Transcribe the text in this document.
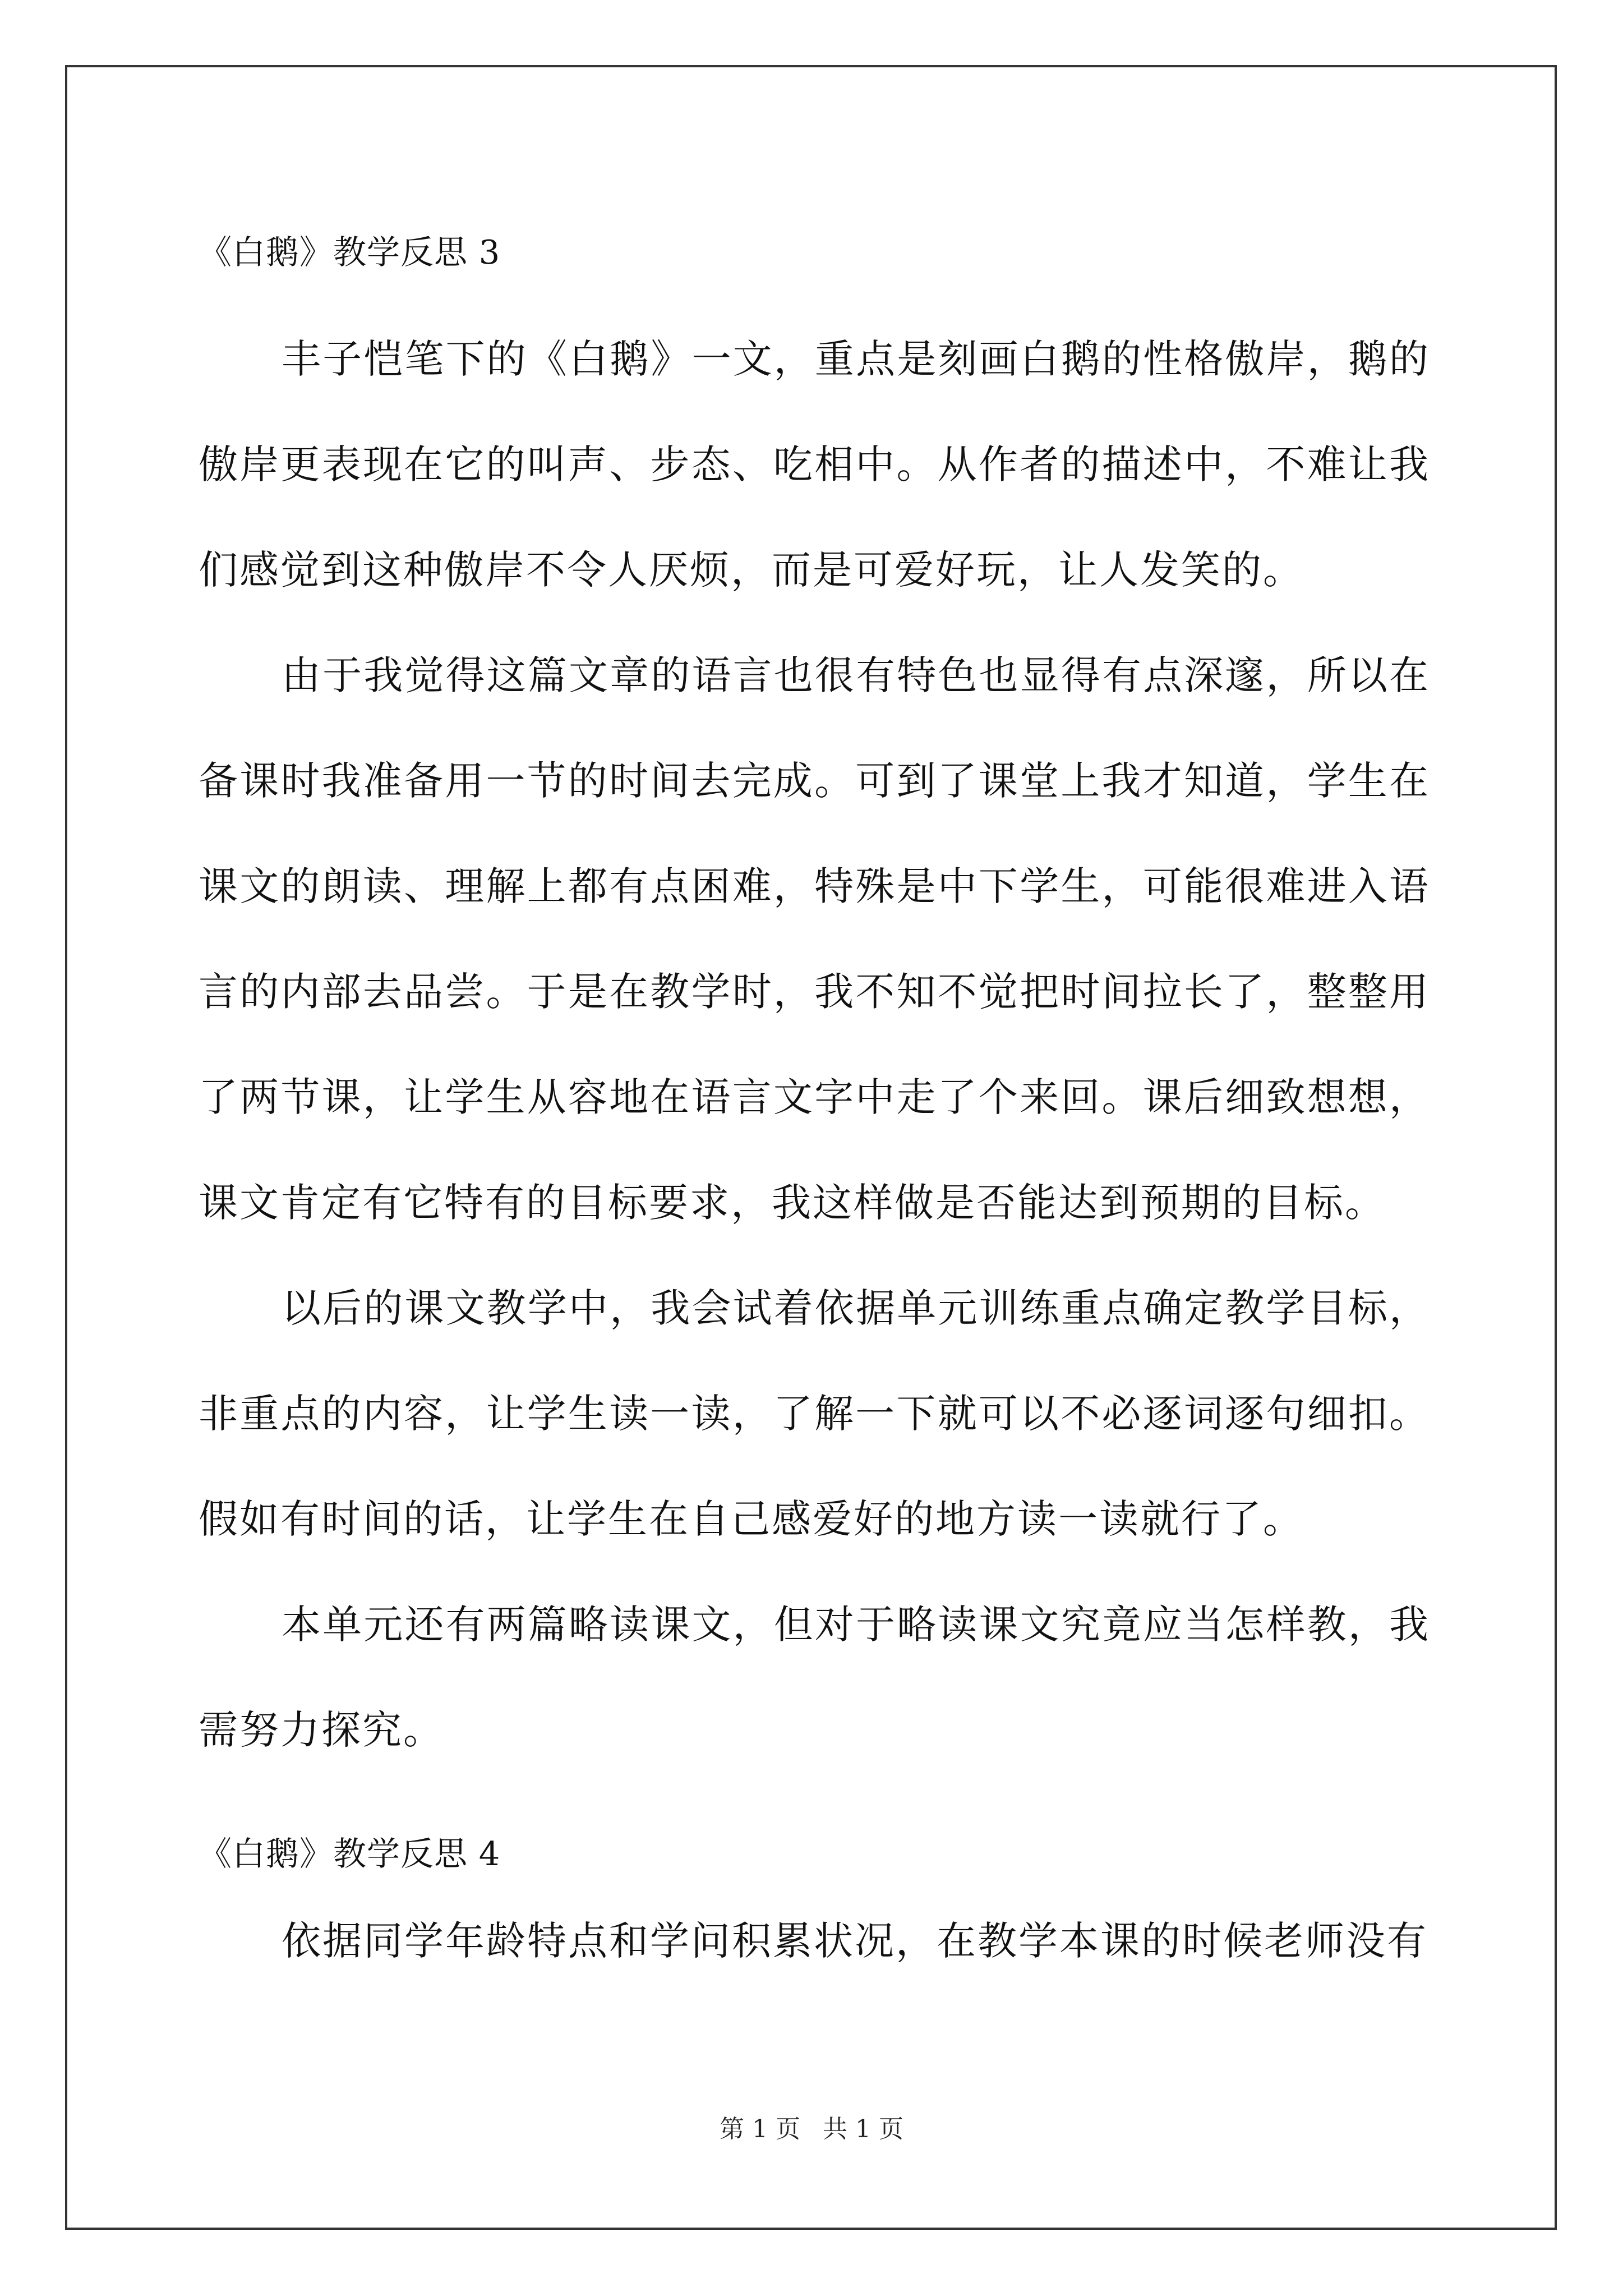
《白鹅》教学反思 3
丰子恺笔下的《白鹅》一文，重点是刻画白鹅的性格傲岸，鹅的傲岸更表现在它的叫声、步态、吃相中。从作者的描述中，不难让我们感觉到这种傲岸不令人厌烦，而是可爱好玩，让人发笑的。
由于我觉得这篇文章的语言也很有特色也显得有点深邃，所以在备课时我准备用一节的时间去完成。可到了课堂上我才知道，学生在课文的朗读、理解上都有点困难，特殊是中下学生，可能很难进入语言的内部去品尝。于是在教学时，我不知不觉把时间拉长了，整整用了两节课，让学生从容地在语言文字中走了个来回。课后细致想想，课文肯定有它特有的目标要求，我这样做是否能达到预期的目标。
以后的课文教学中，我会试着依据单元训练重点确定教学目标，非重点的内容，让学生读一读，了解一下就可以不必逐词逐句细扣。假如有时间的话，让学生在自己感爱好的地方读一读就行了。
本单元还有两篇略读课文，但对于略读课文究竟应当怎样教，我需努力探究。
《白鹅》教学反思 4
依据同学年龄特点和学问积累状况，在教学本课的时候老师没有
第 1 页 共 1 页
